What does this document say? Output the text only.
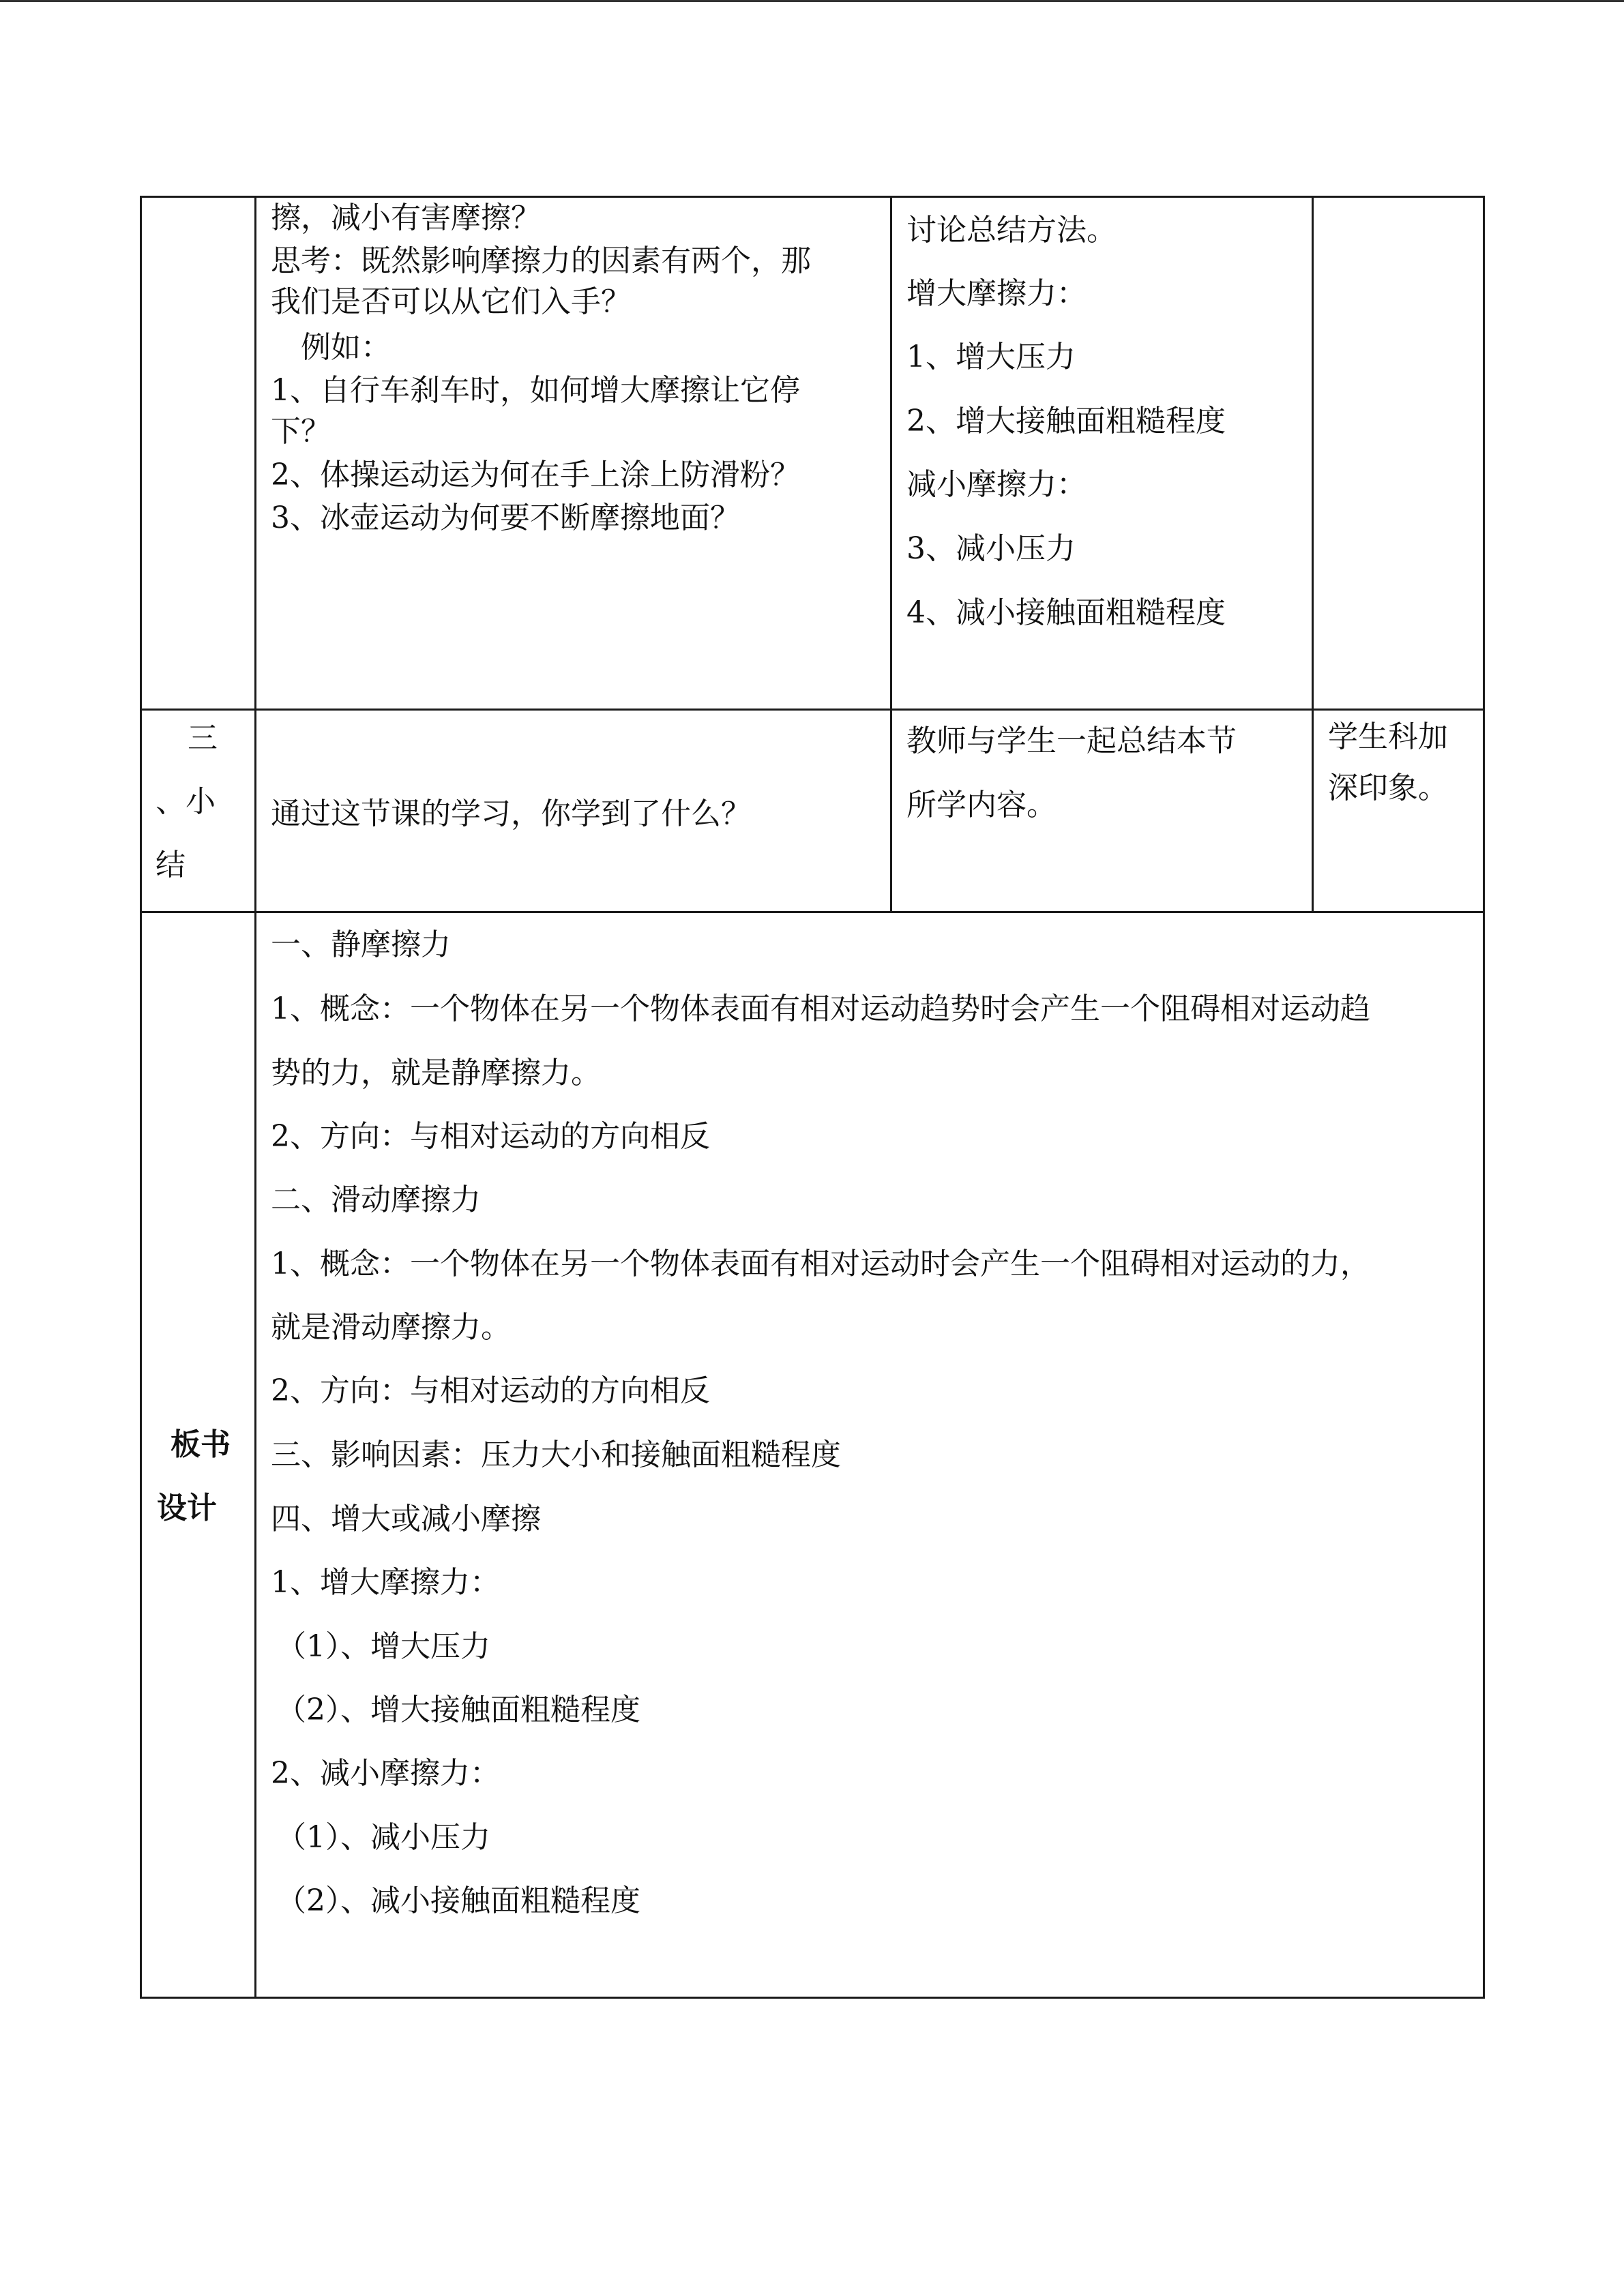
擦，减小有害摩擦？
思考：既然影响摩擦力的因素有两个，那
我们是否可以从它们入手？
　例如：
1、自行车刹车时，如何增大摩擦让它停
下？
2、体操运动运为何在手上涂上防滑粉？
3、冰壶运动为何要不断摩擦地面？
讨论总结方法。
增大摩擦力：
1、增大压力
2、增大接触面粗糙程度
减小摩擦力：
3、减小压力
4、减小接触面粗糙程度
三
、小
结
通过这节课的学习，你学到了什么？
教师与学生一起总结本节
所学内容。
学生科加
深印象。
板书
设计
一、静摩擦力
1、概念：一个物体在另一个物体表面有相对运动趋势时会产生一个阻碍相对运动趋
势的力，就是静摩擦力。
2、方向：与相对运动的方向相反
二、滑动摩擦力
1、概念：一个物体在另一个物体表面有相对运动时会产生一个阻碍相对运动的力，
就是滑动摩擦力。
2、方向：与相对运动的方向相反
三、影响因素：压力大小和接触面粗糙程度
四、增大或减小摩擦
1、增大摩擦力：
（1）、增大压力
（2）、增大接触面粗糙程度
2、减小摩擦力：
（1）、减小压力
（2）、减小接触面粗糙程度
